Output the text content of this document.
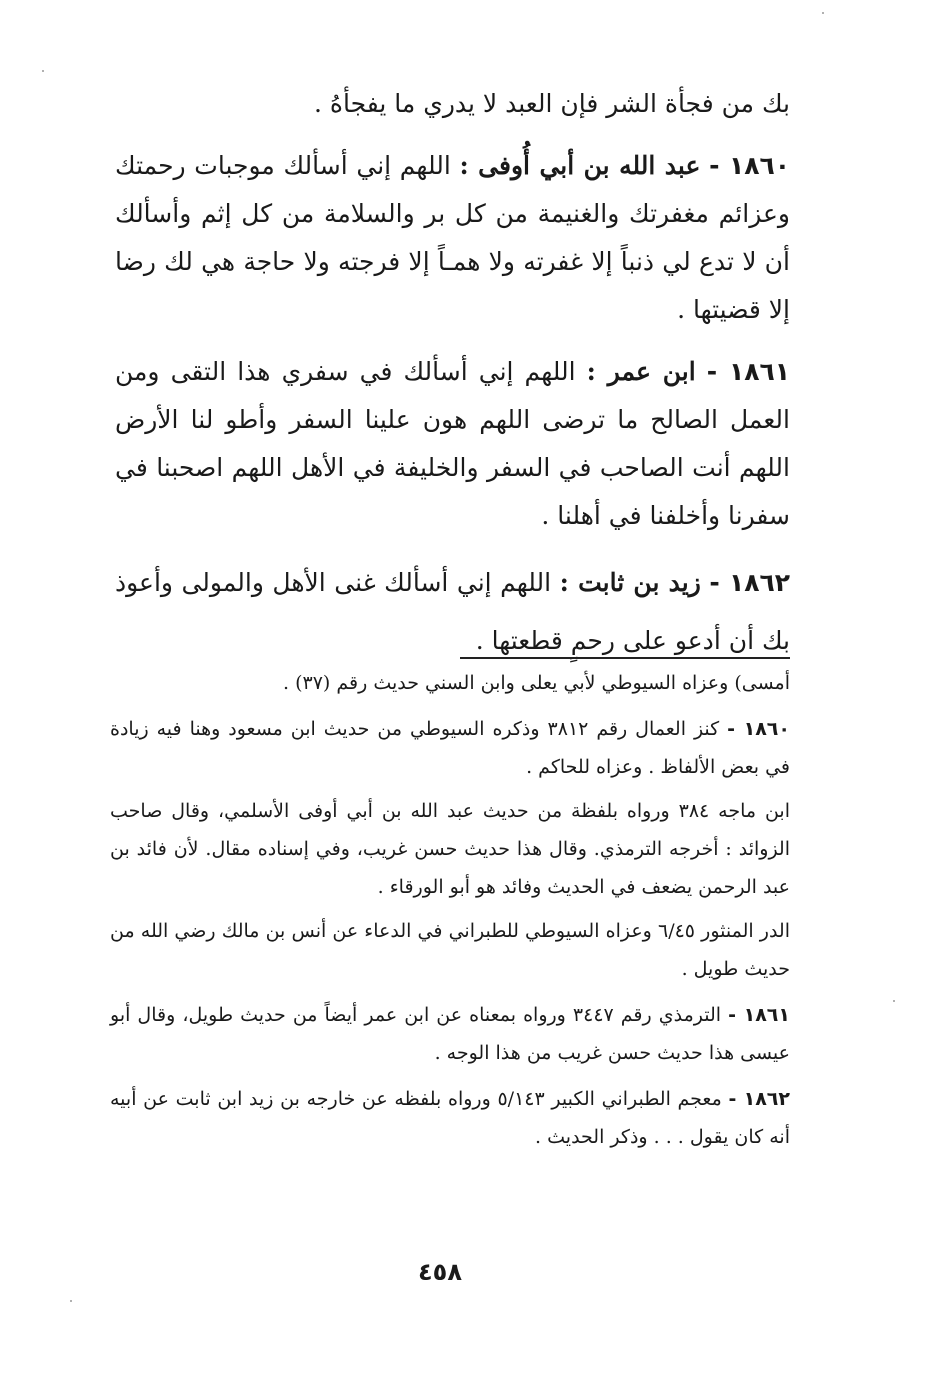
بك من فجأة الشر فإن العبد لا يدري ما يفجأهُ .

١٨٦٠ - عبد الله بن أبي أُوفى : اللهم إني أسألك موجبات رحمتك وعزائم مغفرتك والغنيمة من كل بر والسلامة من كل إثم وأسألك أن لا تدع لي ذنباً إلا غفرته ولا همـاً إلا فرجته ولا حاجة هي لك رضا إلا قضيتها .

١٨٦١ - ابن عمر : اللهم إني أسألك في سفري هذا التقى ومن العمل الصالح ما ترضى اللهم هون علينا السفر وأطو لنا الأرض اللهم أنت الصاحب في السفر والخليفة في الأهل اللهم اصحبنا في سفرنا وأخلفنا في أهلنا .

١٨٦٢ - زيد بن ثابت : اللهم إني أسألك غنى الأهل والمولى وأعوذ بك أن أدعو على رحمٍ قطعتها .

أمسى) وعزاه السيوطي لأبي يعلى وابن السني حديث رقم (٣٧) .

١٨٦٠ - كنز العمال رقم ٣٨١٢ وذكره السيوطي من حديث ابن مسعود وهنا فيه زيادة في بعض الألفاظ . وعزاه للحاكم .

ابن ماجه ٣٨٤ ورواه بلفظة من حديث عبد الله بن أبي أوفى الأسلمي، وقال صاحب الزوائد : أخرجه الترمذي. وقال هذا حديث حسن غريب، وفي إسناده مقال. لأن فائد بن عبد الرحمن يضعف في الحديث وفائد هو أبو الورقاء .

الدر المنثور ٦/٤٥ وعزاه السيوطي للطبراني في الدعاء عن أنس بن مالك رضي الله من حديث طويل .

١٨٦١ - الترمذي رقم ٣٤٤٧ ورواه بمعناه عن ابن عمر أيضاً من حديث طويل، وقال أبو عيسى هذا حديث حسن غريب من هذا الوجه .

١٨٦٢ - معجم الطبراني الكبير ٥/١٤٣ ورواه بلفظه عن خارجه بن زيد ابن ثابت عن أبيه أنه كان يقول . . . وذكر الحديث .

٤٥٨
